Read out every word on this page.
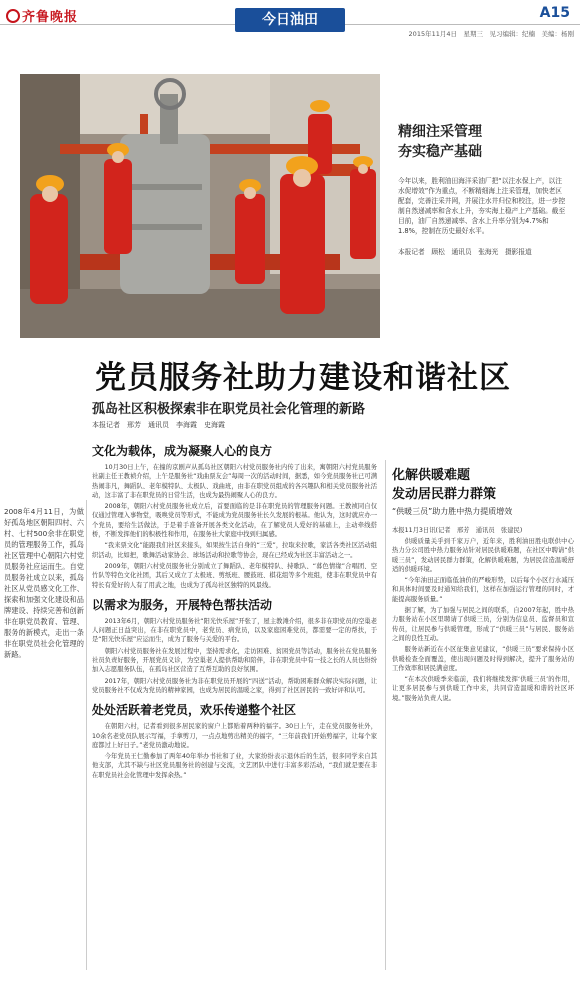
齐鲁晚报	今日油田	A15
2015年11月4日　星期三　见习编辑：纪楠　美编：杨刚
精细注采管理
夯实稳产基础
今年以来，胜利油田海洋采油厂把“以注水保上产，以注水促增效”作为重点，不断精细海上注采管理，加快老区配套，完善注采井网，并展注水井归位和校注，进一步控制自然递减率和含水上升，夯实海上稳产上产基础。截至目前，油厂自然递减率、含水上升率分别为4.7%和1.8%，控制在历史最好水平。
本报记者　顾松　通讯员　张海光　摄影报道
党员服务社助力建设和谐社区
孤岛社区积极探索非在职党员社会化管理的新路
本报记者　邢芳　通讯员　李海霞　史海霞
2008年4月11日，为做好孤岛地区朝阳四村、六村、七村500余非在职党员的管理服务工作，孤岛社区管理中心朝阳六村党员服务社应运而生。自党员服务社成立以来，孤岛社区从党员感文化工作、探索和加强文化建设和品牌建设、持续完善和创新非在职党员教育、管理、服务的新模式，走出一条非在职党员社会化管理的新路。
文化为载体，成为凝聚人心的良方

10月30日上午，在撞的京剧声从孤岛社区朝阳六村党员服务社内传了出来，寓朝阳六村党员服务社副主任王教祯介绍，上午是服务社“戏曲票友会”每周一次的活动时间，据悉，如今党员服务社已可满热闹非凡，舞蹈队、老年模特队、太极队、戏曲班，由非在职党员组成的各兴趣队和相关党员服务社活动，这丰富了非在职党员的日常生活，也成为最热闹聚人心的良方。

2008年，朝阳六村党员服务社成立后，首要面临的是非在职党员的管理服务问题。王教祯同自仅仅通过管理入事物堂，吸唤党员等形式，不能成为党员服务社长久发展的根基。他认为，这时就应办一个党员，要给生活做法，于是着手准备开展各类文化活动，在了解党员人爱好的基础上，主动牵线搭桥，不断发挥他们的积极性和作用，在服务社大家庭中找到归属感。

“我来票文化”能跟我们社区来接头，如果按生活自身的“三爱”，拉取来拉歌，家活各类社区活动组织活动，比如把，歌舞活动家协会、球场活动和拉歌等协会，现在已经成为社区丰富活动之一。

2009年，朝阳六村党员服务社分别成立了舞蹈队、老年模特队、持歌队、“暮色情缘”合唱团、空竹队等特色文化社团，其后又成立了太极班、剪纸班、腰鼓班、棋花组等多个班组，使非在职党员中有特长有爱好的人有了用武之地，也成为了孤岛社区独特的风景线。

以需求为服务，开展特色帮扶活动

2013年6月，朝阳六村党员服务社“阳光快乐屋”开张了，屋主教滩介绍，很多非在职党员的空巢老人问题正日益突出，在非在职党员中，老党员、病党员，以及家庭困难党员，都需要一定的帮扶，于是“阳光快乐屋”应运而生，成为了服务与关爱的平台。

朝阳六村党员服务社在发展过程中，坚持需求化，走访困难、贫困党员等活动，服务社在党员服务社员负责好服务，开展党员义诊，为空巢老人提供帮助和陪伴，非在职党员中有一技之长的人员也纷纷加入志愿服务队伍，在孤岛社区营造了互帮互助的良好氛围。

2017年，朝阳六村党员服务社为非在职党员开展的“四送”活动，帮助困难群众解决实际问题，让党员服务社不仅成为党员的精神家园，也成为居民的温暖之家，得到了社区居民的一致好评和认可。

处处活跃着老党员，欢乐传递整个社区

在朝阳六村，记者看到很多居民家的窗户上都贴着两种的福字。30日上午，走在党员服务社外，10余名老党员队展示写福，手拿剪刀，一点点地剪出精美的福字，“三年前我们开始剪福字，让每个家庭都过上好日子。”老党员激动地说。

今年党员王仁勤参加了两年40年举办书社和了业，大家纷纷表示退休后的生活，很多同学来自其他支部，尤其不缺与社区党员服务社的创建与交流，文艺团队中进行丰富多彩活动，“我们就是要在非在职党员社会化管理中发挥余热。”

化解供暖难题
发动居民群力群策
“供暖三员”助力胜中热力提质增效
本报11月3日讯(记者　邢芳　通讯员　张建民)

供暖质量关乎到千家万户，近年来，胜利油田胜电联供中心热力分公司胜中热力服务站针对居民供暖难题，在社区中聘请“供暖三员”，发动居民群力群策，化解供暖难题，为居民营造温暖舒适的供暖环境。

“今年油田正面临低油价的严峻形势，以后每个小区行水减压和具体时间要及时通知给我们，这样在加强运行管理的同时，才能提高服务质量。”

据了解，为了加强与居民之间的联系，自2007年起，胜中热力服务站在小区里聘请了供暖三员，分别为信息员、监督员和宣传员，让居民参与供暖管理，形成了“供暖三员”与居民、服务站之间的良性互动。

服务站新近在小区征集意见建议，“供暖三员”要求保持小区供暖检查全面覆盖，使出现问题及时得到解决，提升了服务站的工作效率和居民满意度。

“在本次供暖季来临前，我们将继续发挥‘供暖三员’的作用，让更多居民参与到供暖工作中来，共同营造温暖和谐的社区环境。”服务站负责人说。
